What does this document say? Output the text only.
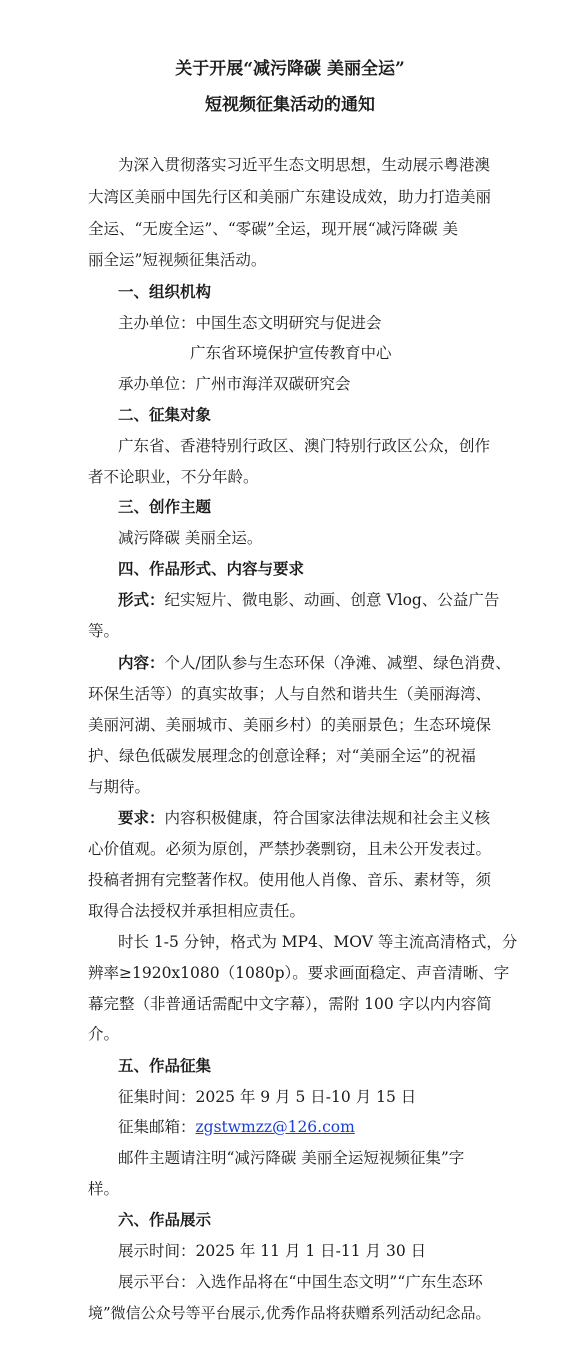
关于开展“减污降碳 美丽全运”
短视频征集活动的通知
为深入贯彻落实习近平生态文明思想，生动展示粤港澳
大湾区美丽中国先行区和美丽广东建设成效，助力打造美丽
全运、“无废全运”、“零碳”全运，现开展“减污降碳 美
丽全运”短视频征集活动。
一、组织机构
主办单位：中国生态文明研究与促进会
广东省环境保护宣传教育中心
承办单位：广州市海洋双碳研究会
二、征集对象
广东省、香港特别行政区、澳门特别行政区公众，创作
者不论职业，不分年龄。
三、创作主题
减污降碳 美丽全运。
四、作品形式、内容与要求
形式：纪实短片、微电影、动画、创意 Vlog、公益广告
等。
内容：个人/团队参与生态环保（净滩、减塑、绿色消费、
环保生活等）的真实故事；人与自然和谐共生（美丽海湾、
美丽河湖、美丽城市、美丽乡村）的美丽景色；生态环境保
护、绿色低碳发展理念的创意诠释；对“美丽全运”的祝福
与期待。
要求：内容积极健康，符合国家法律法规和社会主义核
心价值观。必须为原创，严禁抄袭剽窃，且未公开发表过。
投稿者拥有完整著作权。使用他人肖像、音乐、素材等，须
取得合法授权并承担相应责任。
时长 1-5 分钟，格式为 MP4、MOV 等主流高清格式，分
辨率≥1920x1080（1080p）。要求画面稳定、声音清晰、字
幕完整（非普通话需配中文字幕），需附 100 字以内内容简
介。
五、作品征集
征集时间：2025 年 9 月 5 日-10 月 15 日
征集邮箱：zgstwmzz@126.com
邮件主题请注明“减污降碳 美丽全运短视频征集”字
样。
六、作品展示
展示时间：2025 年 11 月 1 日-11 月 30 日
展示平台：入选作品将在“中国生态文明”“广东生态环
境”微信公众号等平台展示,优秀作品将获赠系列活动纪念品。
